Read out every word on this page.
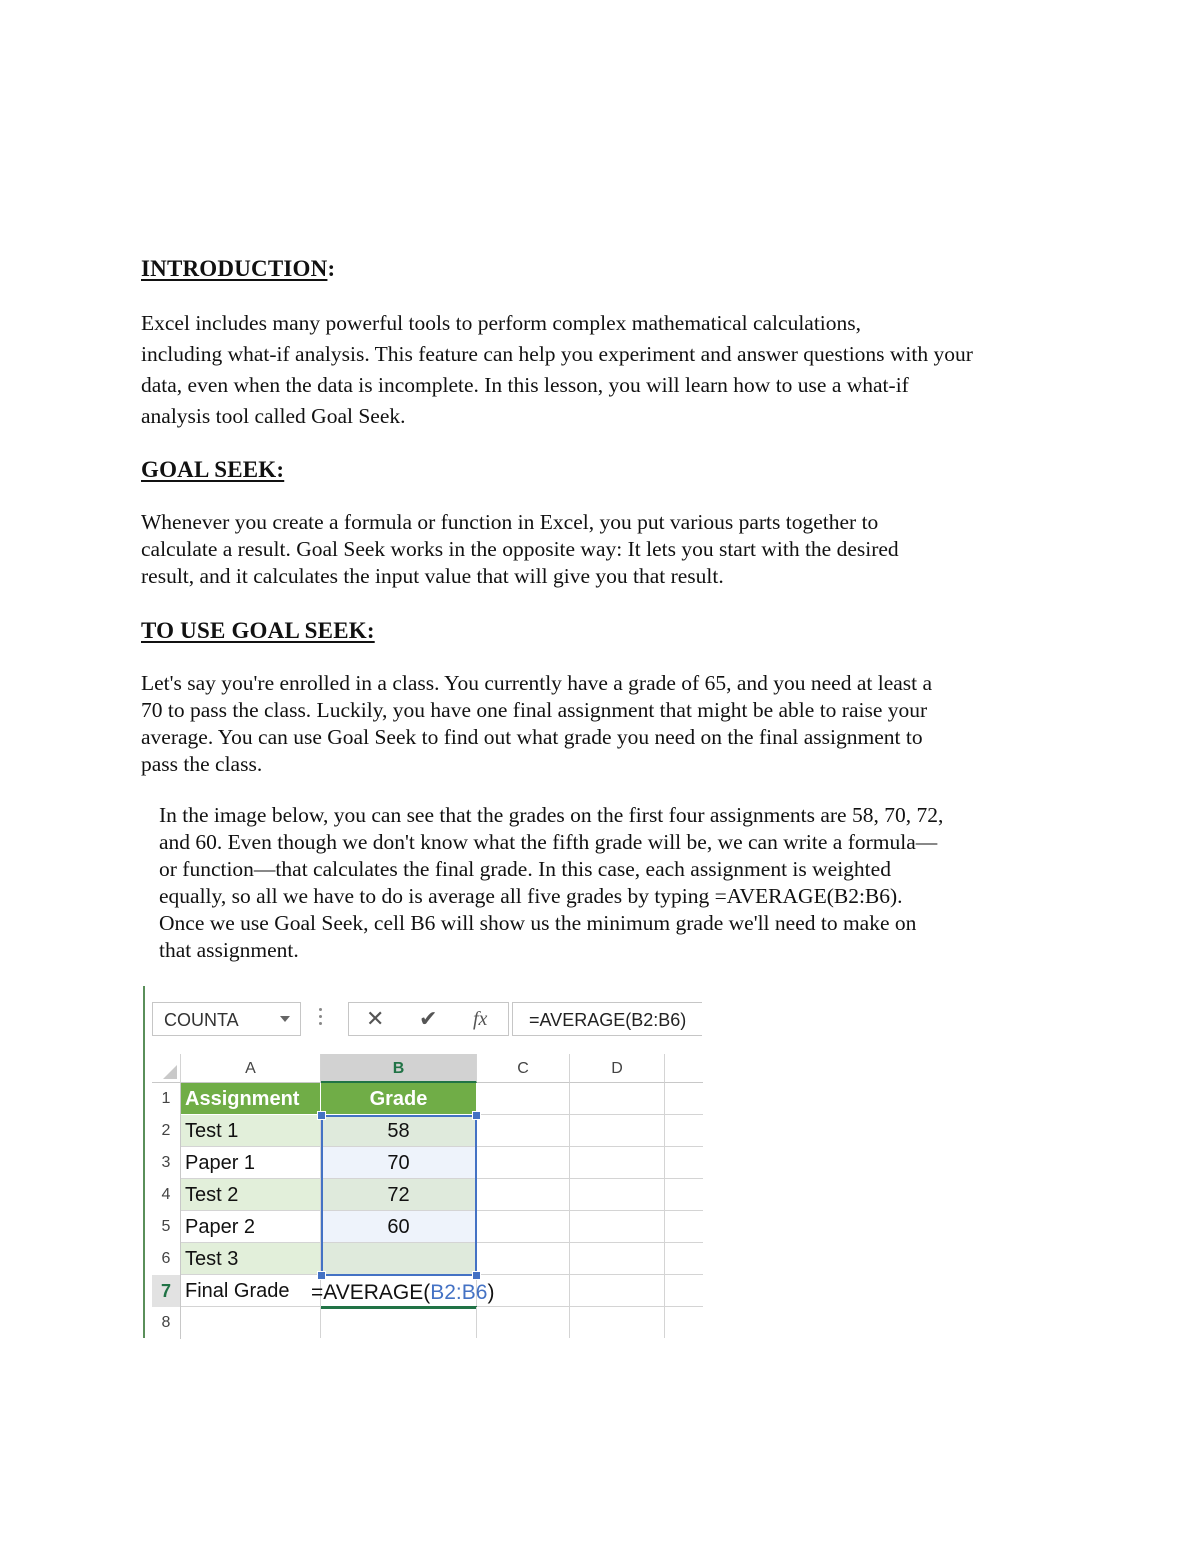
INTRODUCTION:
Excel includes many powerful tools to perform complex mathematical calculations,
including what-if analysis. This feature can help you experiment and answer questions with your
data, even when the data is incomplete. In this lesson, you will learn how to use a what-if
analysis tool called Goal Seek.
GOAL SEEK:
Whenever you create a formula or function in Excel, you put various parts together to
calculate a result. Goal Seek works in the opposite way: It lets you start with the desired
result, and it calculates the input value that will give you that result.
TO USE GOAL SEEK:
Let's say you're enrolled in a class. You currently have a grade of 65, and you need at least a
70 to pass the class. Luckily, you have one final assignment that might be able to raise your
average. You can use Goal Seek to find out what grade you need on the final assignment to
pass the class.
In the image below, you can see that the grades on the first four assignments are 58, 70, 72,
and 60. Even though we don't know what the fifth grade will be, we can write a formula—
or function—that calculates the final grade. In this case, each assignment is weighted
equally, so all we have to do is average all five grades by typing =AVERAGE(B2:B6).
Once we use Goal Seek, cell B6 will show us the minimum grade we'll need to make on
that assignment.
COUNTA	✕ ✔ fx =AVERAGE(B2:B6)
A	B	C	D
1
2
3
4
5
6
7
8
Assignment	Grade
Test 1	58
Paper 1	70
Test 2	72
Paper 2	60
Test 3
Final Grade	=AVERAGE(B2:B6)
